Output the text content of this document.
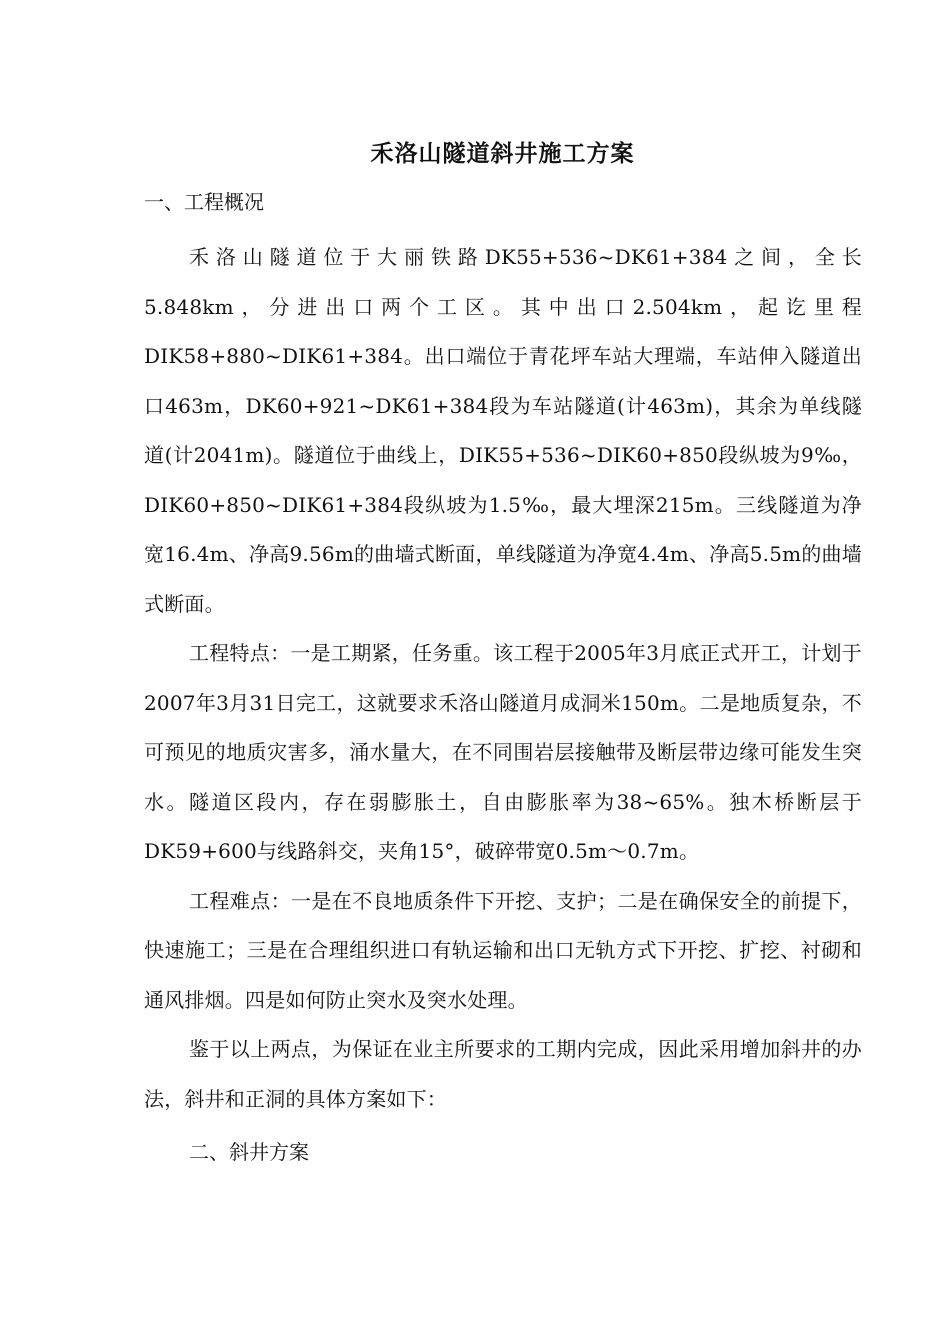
禾洛山隧道斜井施工方案
一、工程概况

禾洛山隧道位于大丽铁路DK55+536~DK61+384之间，全长5.848km，分进出口两个工区。其中出口2.504km，起讫里程DIK58+880~DIK61+384。出口端位于青花坪车站大理端，车站伸入隧道出口463m，DK60+921~DK61+384段为车站隧道(计463m)，其余为单线隧道(计2041m)。隧道位于曲线上，DIK55+536~DIK60+850段纵坡为9‰，DIK60+850~DIK61+384段纵坡为1.5‰，最大埋深215m。三线隧道为净宽16.4m、净高9.56m的曲墙式断面，单线隧道为净宽4.4m、净高5.5m的曲墙式断面。

工程特点：一是工期紧，任务重。该工程于2005年3月底正式开工，计划于2007年3月31日完工，这就要求禾洛山隧道月成洞米150m。二是地质复杂，不可预见的地质灾害多，涌水量大，在不同围岩层接触带及断层带边缘可能发生突水。隧道区段内，存在弱膨胀土，自由膨胀率为38~65%。独木桥断层于DK59+600与线路斜交，夹角15°，破碎带宽0.5m～0.7m。

工程难点：一是在不良地质条件下开挖、支护；二是在确保安全的前提下，快速施工；三是在合理组织进口有轨运输和出口无轨方式下开挖、扩挖、衬砌和通风排烟。四是如何防止突水及突水处理。

鉴于以上两点，为保证在业主所要求的工期内完成，因此采用增加斜井的办法，斜井和正洞的具体方案如下：

二、斜井方案
